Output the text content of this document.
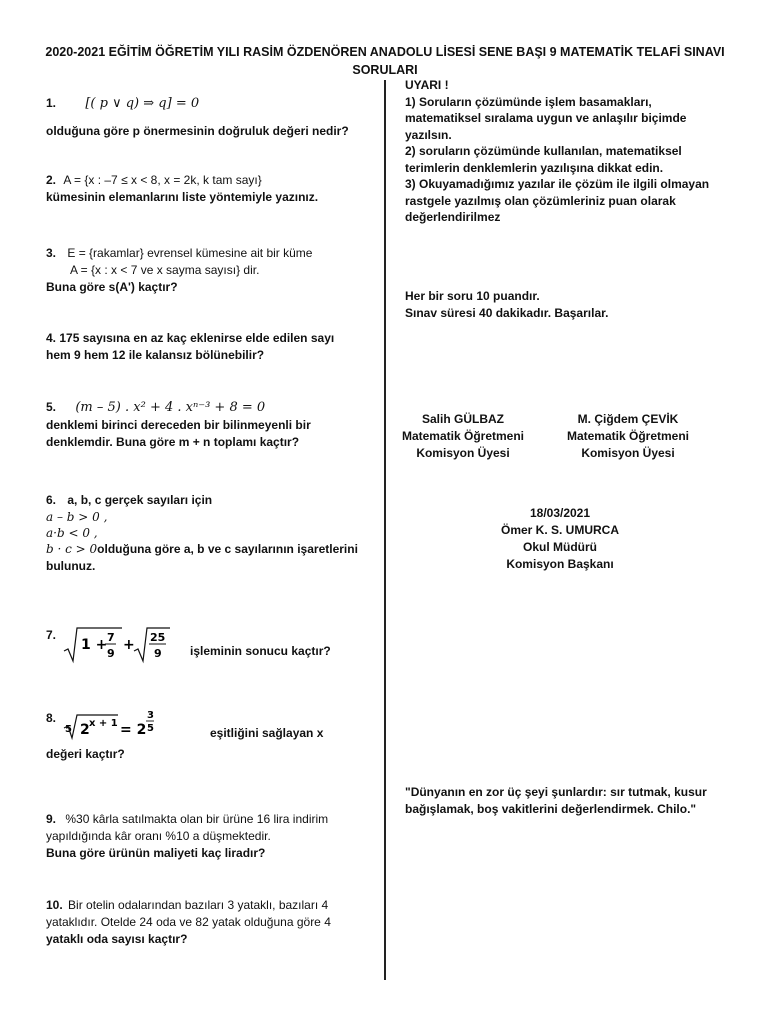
2020-2021 EĞİTİM ÖĞRETİM YILI RASİM ÖZDENÖREN ANADOLU LİSESİ SENE BAŞI 9 MATEMATİK TELAFİ SINAVI
SORULARI
1. [( p ∨ q) ⇒ q] = 0
olduğuna göre p önermesinin doğruluk değeri nedir?
2. A = {x : –7 ≤ x < 8, x = 2k, k tam sayı}
kümesinin elemanlarını liste yöntemiyle yazınız.
3. E = {rakamlar} evrensel kümesine ait bir küme
A = {x : x < 7 ve x sayma sayısı} dir.
Buna göre s(A') kaçtır?
4. 175 sayısına en az kaç eklenirse elde edilen sayı
hem 9 hem 12 ile kalansız bölünebilir?
5. (m – 5) . x² + 4 . xⁿ⁻³ + 8 = 0
denklemi birinci dereceden bir bilinmeyenli bir
denklemdir. Buna göre m + n toplamı kaçtır?
6. a, b, c gerçek sayıları için
a – b > 0 ,
a·b < 0 ,
b · c > 0olduğuna göre a, b ve c sayılarının işaretlerini
bulunuz.
7.
1 + 7
9
+ 25
9 işleminin sonucu kaçtır?
8.
5 2 x + 1 = 2
3
5	eşitliğini sağlayan x
değeri kaçtır?
9. %30 kârla satılmakta olan bir ürüne 16 lira indirim
yapıldığında kâr oranı %10 a düşmektedir.
Buna göre ürünün maliyeti kaç liradır?
10. Bir otelin odalarından bazıları 3 yataklı, bazıları 4
yataklıdır. Otelde 24 oda ve 82 yatak olduğuna göre 4
yataklı oda sayısı kaçtır?
UYARI !
1) Soruların çözümünde işlem basamakları,
matematiksel sıralama uygun ve anlaşılır biçimde
yazılsın.
2) soruların çözümünde kullanılan, matematiksel
terimlerin denklemlerin yazılışına dikkat edin.
3) Okuyamadığımız yazılar ile çözüm ile ilgili olmayan
rastgele yazılmış olan çözümleriniz puan olarak
değerlendirilmez
Her bir soru 10 puandır.
Sınav süresi 40 dakikadır. Başarılar.
Salih GÜLBAZ
Matematik Öğretmeni
Komisyon Üyesi
M. Çiğdem ÇEVİK
Matematik Öğretmeni
Komisyon Üyesi
18/03/2021
Ömer K. S. UMURCA
Okul Müdürü
Komisyon Başkanı
"Dünyanın en zor üç şeyi şunlardır: sır tutmak, kusur
bağışlamak, boş vakitlerini değerlendirmek. Chilo."
